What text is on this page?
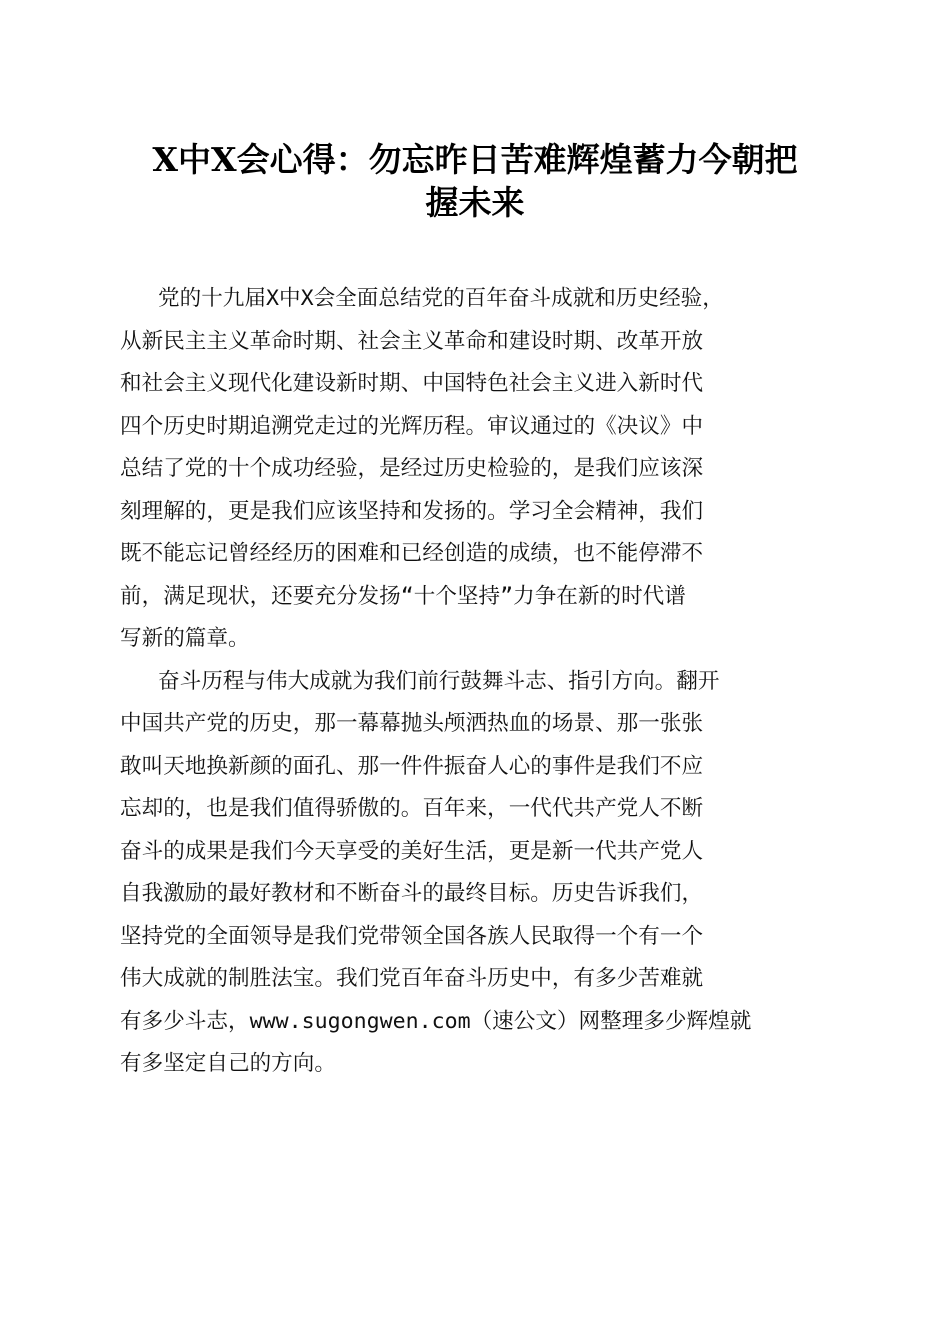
X中X会心得：勿忘昨日苦难辉煌蓄力今朝把
握未来
党的十九届X中X会全面总结党的百年奋斗成就和历史经验，
从新民主主义革命时期、社会主义革命和建设时期、改革开放
和社会主义现代化建设新时期、中国特色社会主义进入新时代
四个历史时期追溯党走过的光辉历程。审议通过的《决议》中
总结了党的十个成功经验，是经过历史检验的，是我们应该深
刻理解的，更是我们应该坚持和发扬的。学习全会精神，我们
既不能忘记曾经经历的困难和已经创造的成绩，也不能停滞不
前，满足现状，还要充分发扬“十个坚持”力争在新的时代谱
写新的篇章。
奋斗历程与伟大成就为我们前行鼓舞斗志、指引方向。翻开
中国共产党的历史，那一幕幕抛头颅洒热血的场景、那一张张
敢叫天地换新颜的面孔、那一件件振奋人心的事件是我们不应
忘却的，也是我们值得骄傲的。百年来，一代代共产党人不断
奋斗的成果是我们今天享受的美好生活，更是新一代共产党人
自我激励的最好教材和不断奋斗的最终目标。历史告诉我们，
坚持党的全面领导是我们党带领全国各族人民取得一个有一个
伟大成就的制胜法宝。我们党百年奋斗历史中，有多少苦难就
有多少斗志，www.sugongwen.com（速公文）网整理多少辉煌就
有多坚定自己的方向。
